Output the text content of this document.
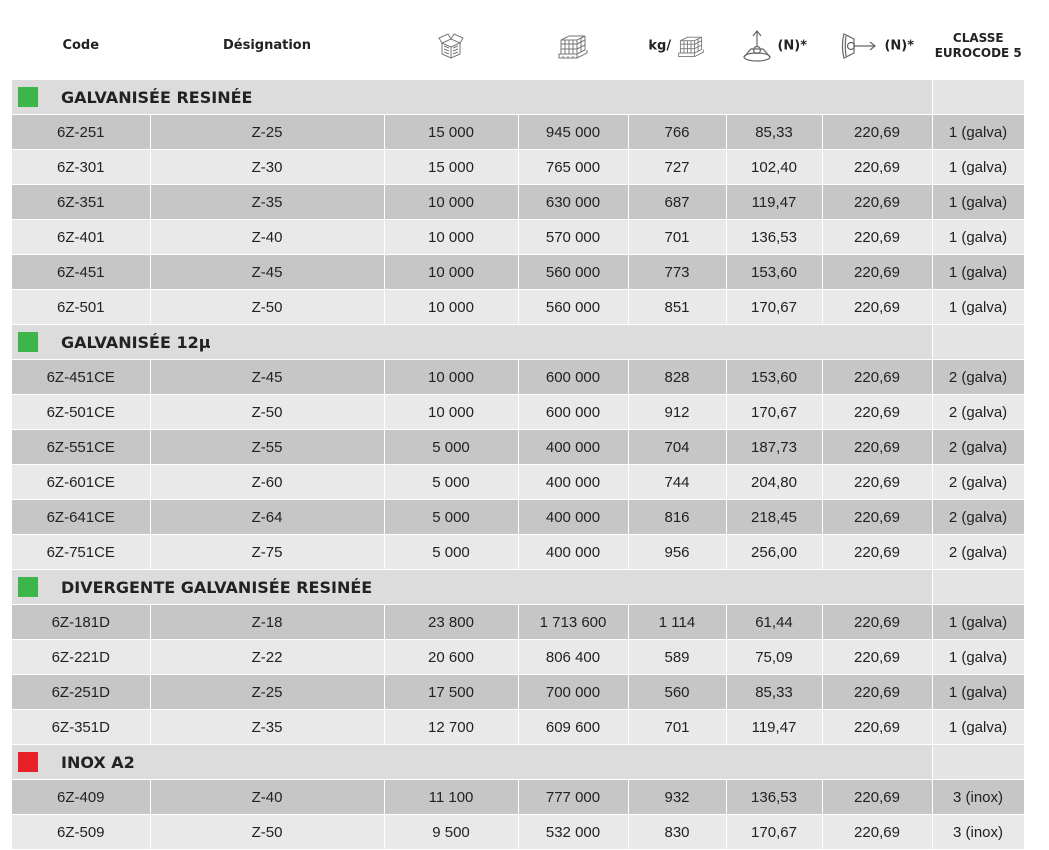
Code	Désignation			kg/	(N)*	(N)*	CLASSE
EUROCODE 5

GALVANISÉE RESINÉE							
6Z-251	Z-25	15 000	945 000	766	85,33	220,69	1 (galva)
6Z-301	Z-30	15 000	765 000	727	102,40	220,69	1 (galva)
6Z-351	Z-35	10 000	630 000	687	119,47	220,69	1 (galva)
6Z-401	Z-40	10 000	570 000	701	136,53	220,69	1 (galva)
6Z-451	Z-45	10 000	560 000	773	153,60	220,69	1 (galva)
6Z-501	Z-50	10 000	560 000	851	170,67	220,69	1 (galva)
GALVANISÉE 12µ							
6Z-451CE	Z-45	10 000	600 000	828	153,60	220,69	2 (galva)
6Z-501CE	Z-50	10 000	600 000	912	170,67	220,69	2 (galva)
6Z-551CE	Z-55	5 000	400 000	704	187,73	220,69	2 (galva)
6Z-601CE	Z-60	5 000	400 000	744	204,80	220,69	2 (galva)
6Z-641CE	Z-64	5 000	400 000	816	218,45	220,69	2 (galva)
6Z-751CE	Z-75	5 000	400 000	956	256,00	220,69	2 (galva)
DIVERGENTE GALVANISÉE RESINÉE							
6Z-181D	Z-18	23 800	1 713 600	1 114	61,44	220,69	1 (galva)
6Z-221D	Z-22	20 600	806 400	589	75,09	220,69	1 (galva)
6Z-251D	Z-25	17 500	700 000	560	85,33	220,69	1 (galva)
6Z-351D	Z-35	12 700	609 600	701	119,47	220,69	1 (galva)
INOX A2							
6Z-409	Z-40	11 100	777 000	932	136,53	220,69	3 (inox)
6Z-509	Z-50	9 500	532 000	830	170,67	220,69	3 (inox)
